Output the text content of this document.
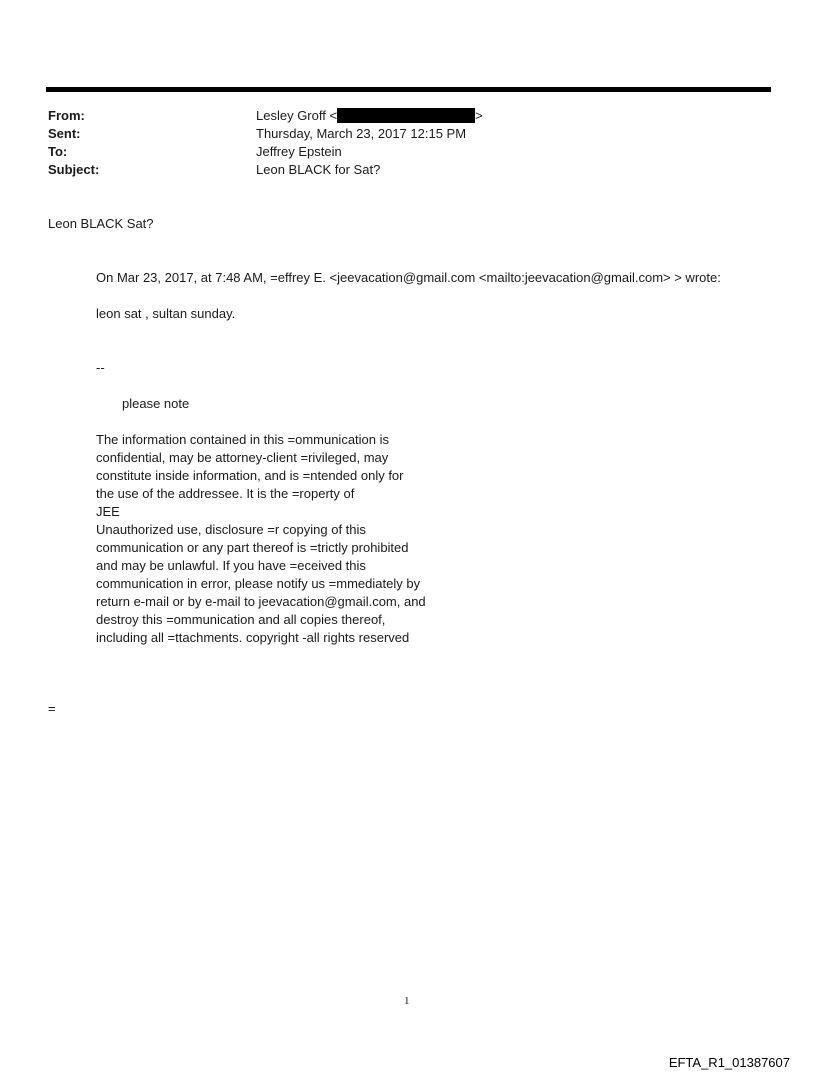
From:	Lesley Groff <	>
Sent:	Thursday, March 23, 2017 12:15 PM
To:	Jeffrey Epstein
Subject:	Leon BLACK for Sat?
Leon BLACK Sat?
On Mar 23, 2017, at 7:48 AM, =effrey E. <jeevacation@gmail.com <mailto:jeevacation@gmail.com> > wrote:
leon sat , sultan sunday.
--
please note
The information contained in this =ommunication is
confidential, may be attorney-client =rivileged, may
constitute inside information, and is =ntended only for
the use of the addressee. It is the =roperty of
JEE
Unauthorized use, disclosure =r copying of this
communication or any part thereof is =trictly prohibited
and may be unlawful. If you have =eceived this
communication in error, please notify us =mmediately by
return e-mail or by e-mail to jeevacation@gmail.com, and
destroy this =ommunication and all copies thereof,
including all =ttachments. copyright -all rights reserved
=
1
EFTA_R1_01387607
